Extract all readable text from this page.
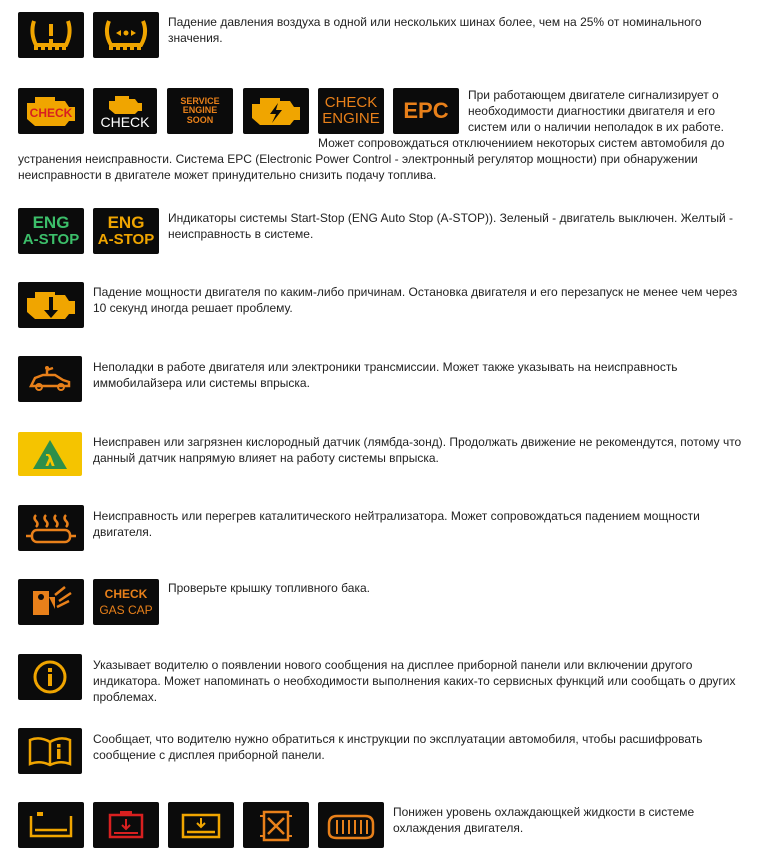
Падение давления воздуха в одной или нескольких шинах более, чем на 25% от номинального значения.

CHECK
CHECK
SERVICE
ENGINE
SOON
CHECK
ENGINE EPC

При работающем двигателе сигнализирует о необходимости диагностики двигателя и его систем или о наличии неполадок в их работе.

Может сопровождаться отключениием некоторых систем автомобиля до устранения неисправности. Система EPC (Electronic Power Control - электронный регулятор мощности) при обнаружении неисправности в двигателе может принудительно снизить подачу топлива.

ENG
A-STOP
ENG
A-STOP

Индикаторы системы Start-Stop (ENG Auto Stop (A-STOP)). Зеленый - двигатель выключен. Желтый - неисправность в системе.

Падение мощности двигателя по каким-либо причинам. Остановка двигателя и его перезапуск не менее чем через 10 секунд иногда решает проблему.

Неполадки в работе двигателя или электроники трансмиссии. Может также указывать на неисправность иммобилайзера или системы впрыска.

λ

Неисправен или загрязнен кислородный датчик (лямбда-зонд). Продолжать движение не рекомендутся, потому что данный датчик напрямую влияет на работу системы впрыска.

Неисправность или перегрев каталитического нейтрализатора. Может сопровождаться падением мощности двигателя.

CHECK
GAS CAP

Проверьте крышку топливного бака.

Указывает водителю о появлении нового сообщения на дисплее приборной панели или включении другого индикатора. Может напоминать о необходимости выполнения каких-то сервисных функций или сообщать о других проблемах.

Сообщает, что водителю нужно обратиться к инструкции по эксплуатации автомобиля, чтобы расшифровать сообщение с дисплея приборной панели.

Понижен уровень охлаждающкей жидкости в системе охлаждения двигателя.
